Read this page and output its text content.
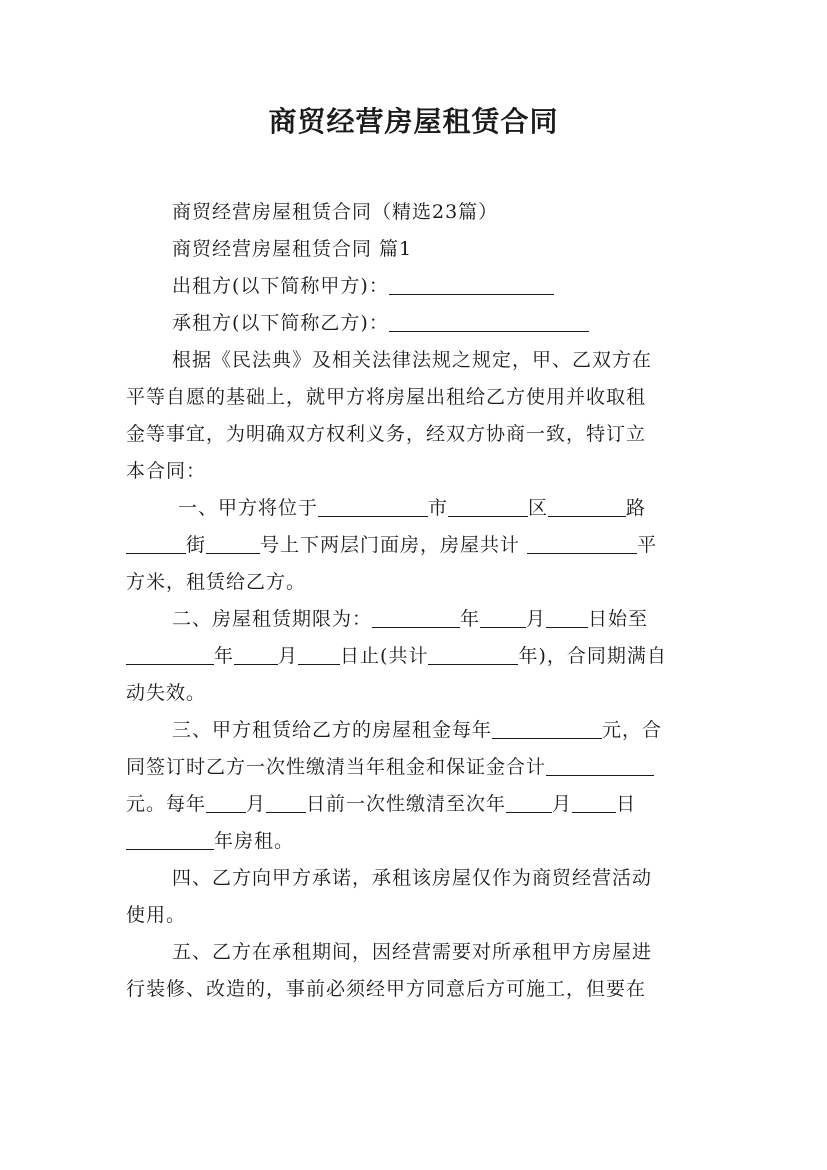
商贸经营房屋租赁合同
商贸经营房屋租赁合同（精选23篇）
商贸经营房屋租赁合同 篇1
出租方(以下简称甲方)：
承租方(以下简称乙方)：

根据《民法典》及相关法律法规之规定，甲、乙双方在

平等自愿的基础上，就甲方将房屋出租给乙方使用并收取租

金等事宜，为明确双方权利义务，经双方协商一致，特订立

本合同：

一、甲方将位于	市	区	路

街	号上下两层门面房，房屋共计	平

方米，租赁给乙方。

二、房屋租赁期限为：	年 月 日始至

年 月 日止(共计	年)，合同期满自

动失效。

三、甲方租赁给乙方的房屋租金每年	元，合

同签订时乙方一次性缴清当年租金和保证金合计

元。每年 月 日前一次性缴清至次年 月 日

年房租。

四、乙方向甲方承诺，承租该房屋仅作为商贸经营活动

使用。

五、乙方在承租期间，因经营需要对所承租甲方房屋进

行装修、改造的，事前必须经甲方同意后方可施工，但要在
